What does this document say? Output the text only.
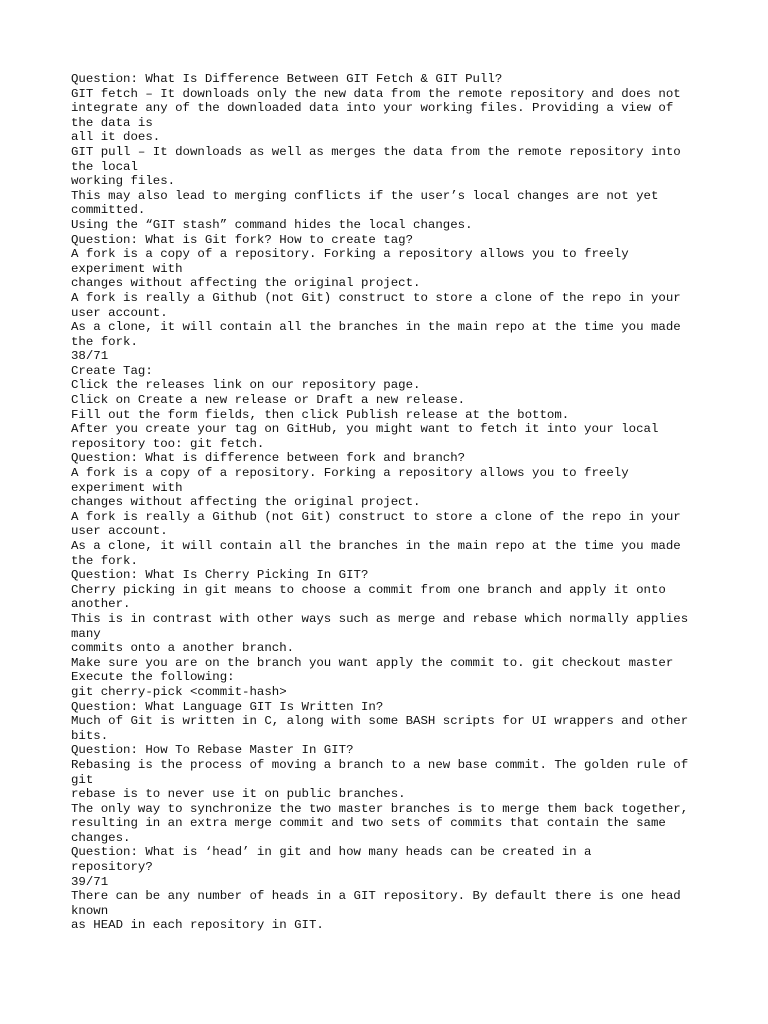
Question: What Is Difference Between GIT Fetch & GIT Pull?
GIT fetch – It downloads only the new data from the remote repository and does not
integrate any of the downloaded data into your working files. Providing a view of
the data is
all it does.
GIT pull – It downloads as well as merges the data from the remote repository into
the local
working files.
This may also lead to merging conflicts if the user’s local changes are not yet
committed.
Using the “GIT stash” command hides the local changes.
Question: What is Git fork? How to create tag?
A fork is a copy of a repository. Forking a repository allows you to freely
experiment with
changes without affecting the original project.
A fork is really a Github (not Git) construct to store a clone of the repo in your
user account.
As a clone, it will contain all the branches in the main repo at the time you made
the fork.
38/71
Create Tag:
Click the releases link on our repository page.
Click on Create a new release or Draft a new release.
Fill out the form fields, then click Publish release at the bottom.
After you create your tag on GitHub, you might want to fetch it into your local
repository too: git fetch.
Question: What is difference between fork and branch?
A fork is a copy of a repository. Forking a repository allows you to freely
experiment with
changes without affecting the original project.
A fork is really a Github (not Git) construct to store a clone of the repo in your
user account.
As a clone, it will contain all the branches in the main repo at the time you made
the fork.
Question: What Is Cherry Picking In GIT?
Cherry picking in git means to choose a commit from one branch and apply it onto
another.
This is in contrast with other ways such as merge and rebase which normally applies
many
commits onto a another branch.
Make sure you are on the branch you want apply the commit to. git checkout master
Execute the following:
git cherry-pick <commit-hash>
Question: What Language GIT Is Written In?
Much of Git is written in C, along with some BASH scripts for UI wrappers and other
bits.
Question: How To Rebase Master In GIT?
Rebasing is the process of moving a branch to a new base commit. The golden rule of
git
rebase is to never use it on public branches.
The only way to synchronize the two master branches is to merge them back together,
resulting in an extra merge commit and two sets of commits that contain the same
changes.
Question: What is ‘head’ in git and how many heads can be created in a
repository?
39/71
There can be any number of heads in a GIT repository. By default there is one head
known
as HEAD in each repository in GIT.
